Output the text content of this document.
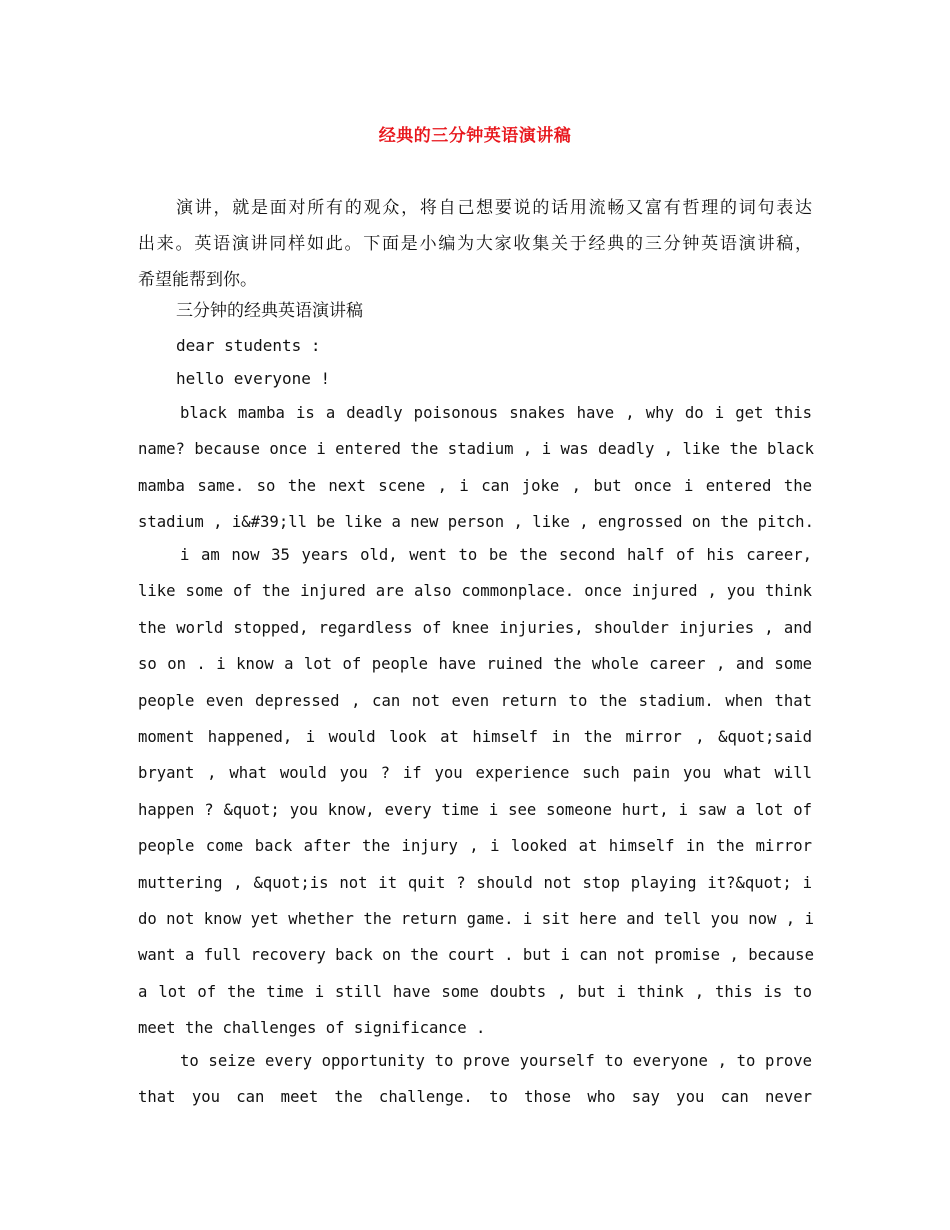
经典的三分钟英语演讲稿
演讲，就是面对所有的观众，将自己想要说的话用流畅又富有哲理的词句表达
出来。英语演讲同样如此。下面是小编为大家收集关于经典的三分钟英语演讲稿，
希望能帮到你。
三分钟的经典英语演讲稿
dear students :
hello everyone !
black mamba is a deadly poisonous snakes have , why do i get this
name? because once i entered the stadium , i was deadly , like the black
mamba same. so the next scene , i can joke , but once i entered the
stadium , i&#39;ll be like a new person , like , engrossed on the pitch.
i am now 35 years old, went to be the second half of his career,
like some of the injured are also commonplace. once injured , you think
the world stopped, regardless of knee injuries, shoulder injuries , and
so on . i know a lot of people have ruined the whole career , and some
people even depressed , can not even return to the stadium. when that
moment happened, i would look at himself in the mirror , &quot;said
bryant , what would you ? if you experience such pain you what will
happen ? &quot; you know, every time i see someone hurt, i saw a lot of
people come back after the injury , i looked at himself in the mirror
muttering , &quot;is not it quit ? should not stop playing it?&quot; i
do not know yet whether the return game. i sit here and tell you now , i
want a full recovery back on the court . but i can not promise , because
a lot of the time i still have some doubts , but i think , this is to
meet the challenges of significance .
to seize every opportunity to prove yourself to everyone , to prove
that you can meet the challenge. to those who say you can never
